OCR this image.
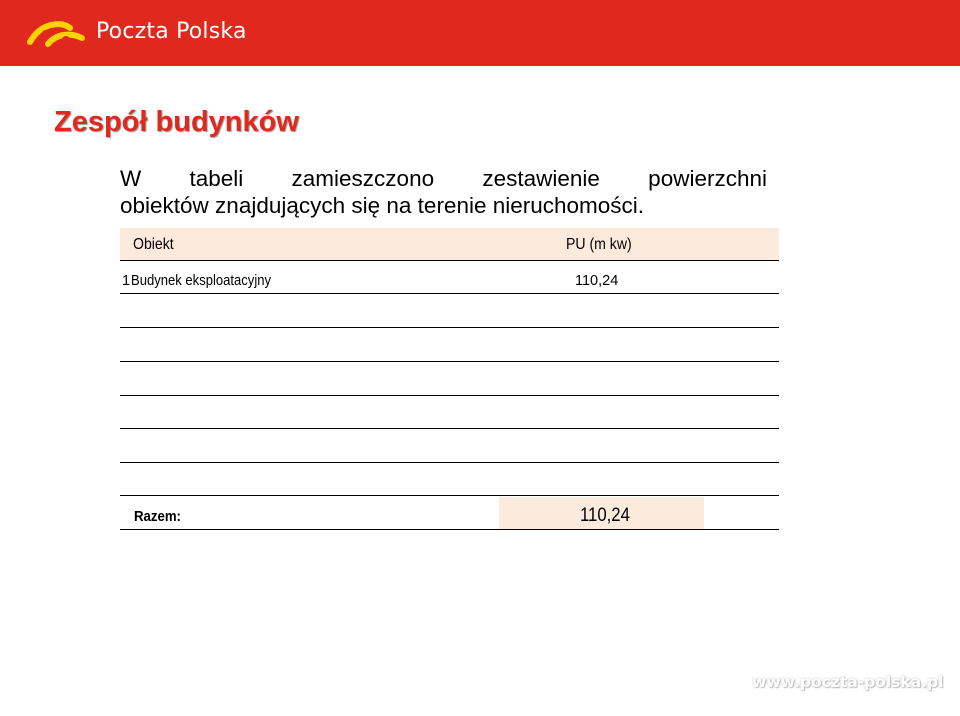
Poczta Polska
Zespół budynków
W tabeli zamieszczono zestawienie powierzchni
obiektów znajdujących się na terenie nieruchomości.
Obiekt	PU (m kw)
1 Budynek eksploatacyjny	110,24
Razem:	110,24
www.poczta-polska.pl
